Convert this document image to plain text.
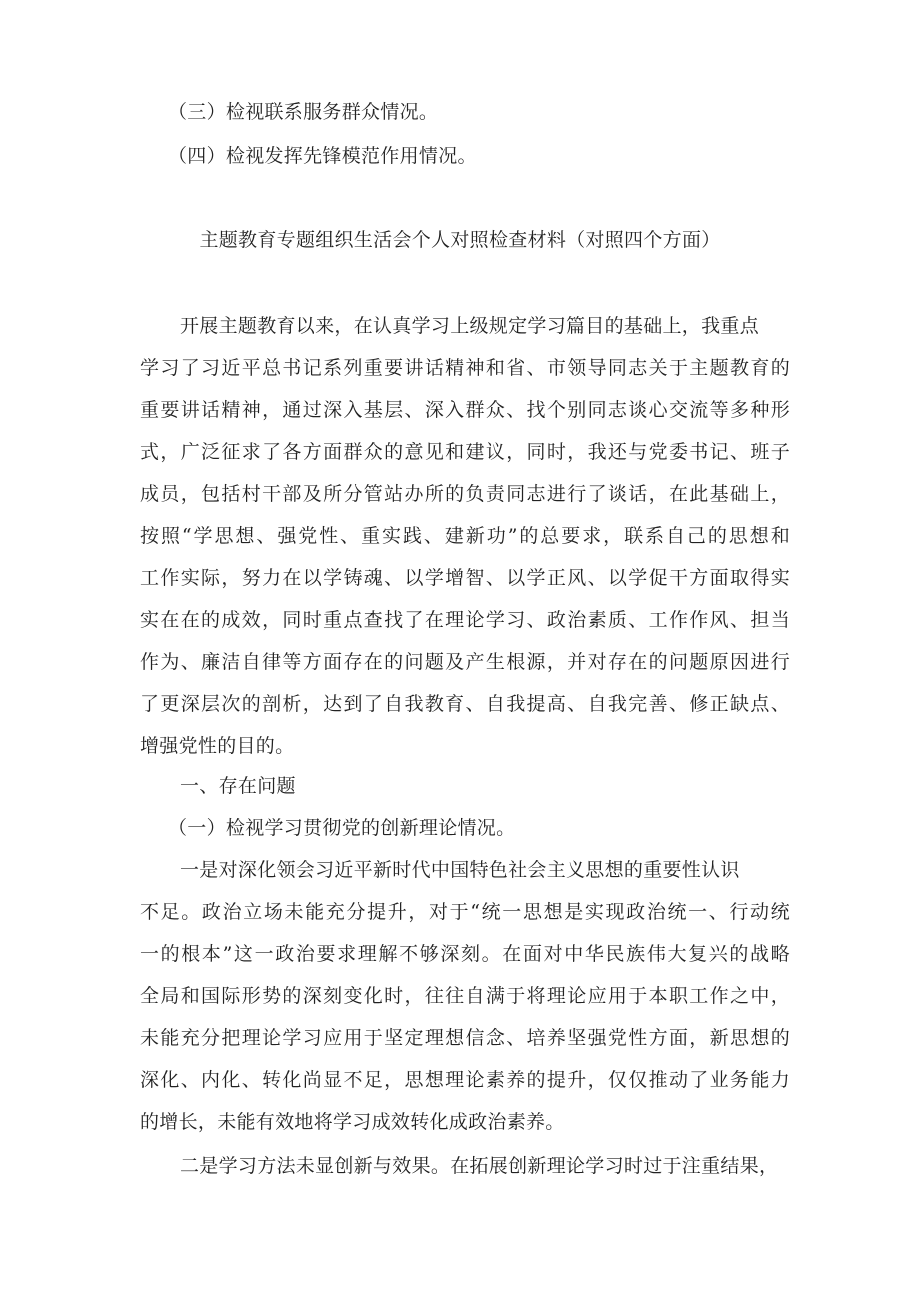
（三）检视联系服务群众情况。
（四）检视发挥先锋模范作用情况。
主题教育专题组织生活会个人对照检查材料（对照四个方面）
开展主题教育以来，在认真学习上级规定学习篇目的基础上，我重点
学习了习近平总书记系列重要讲话精神和省、市领导同志关于主题教育的
重要讲话精神，通过深入基层、深入群众、找个别同志谈心交流等多种形
式，广泛征求了各方面群众的意见和建议，同时，我还与党委书记、班子
成员，包括村干部及所分管站办所的负责同志进行了谈话，在此基础上，
按照“学思想、强党性、重实践、建新功”的总要求，联系自己的思想和
工作实际，努力在以学铸魂、以学增智、以学正风、以学促干方面取得实
实在在的成效，同时重点查找了在理论学习、政治素质、工作作风、担当
作为、廉洁自律等方面存在的问题及产生根源，并对存在的问题原因进行
了更深层次的剖析，达到了自我教育、自我提高、自我完善、修正缺点、
增强党性的目的。
一、存在问题
（一）检视学习贯彻党的创新理论情况。
一是对深化领会习近平新时代中国特色社会主义思想的重要性认识
不足。政治立场未能充分提升，对于“统一思想是实现政治统一、行动统
一的根本”这一政治要求理解不够深刻。在面对中华民族伟大复兴的战略
全局和国际形势的深刻变化时，往往自满于将理论应用于本职工作之中，
未能充分把理论学习应用于坚定理想信念、培养坚强党性方面，新思想的
深化、内化、转化尚显不足，思想理论素养的提升，仅仅推动了业务能力
的增长，未能有效地将学习成效转化成政治素养。
二是学习方法未显创新与效果。在拓展创新理论学习时过于注重结果，
